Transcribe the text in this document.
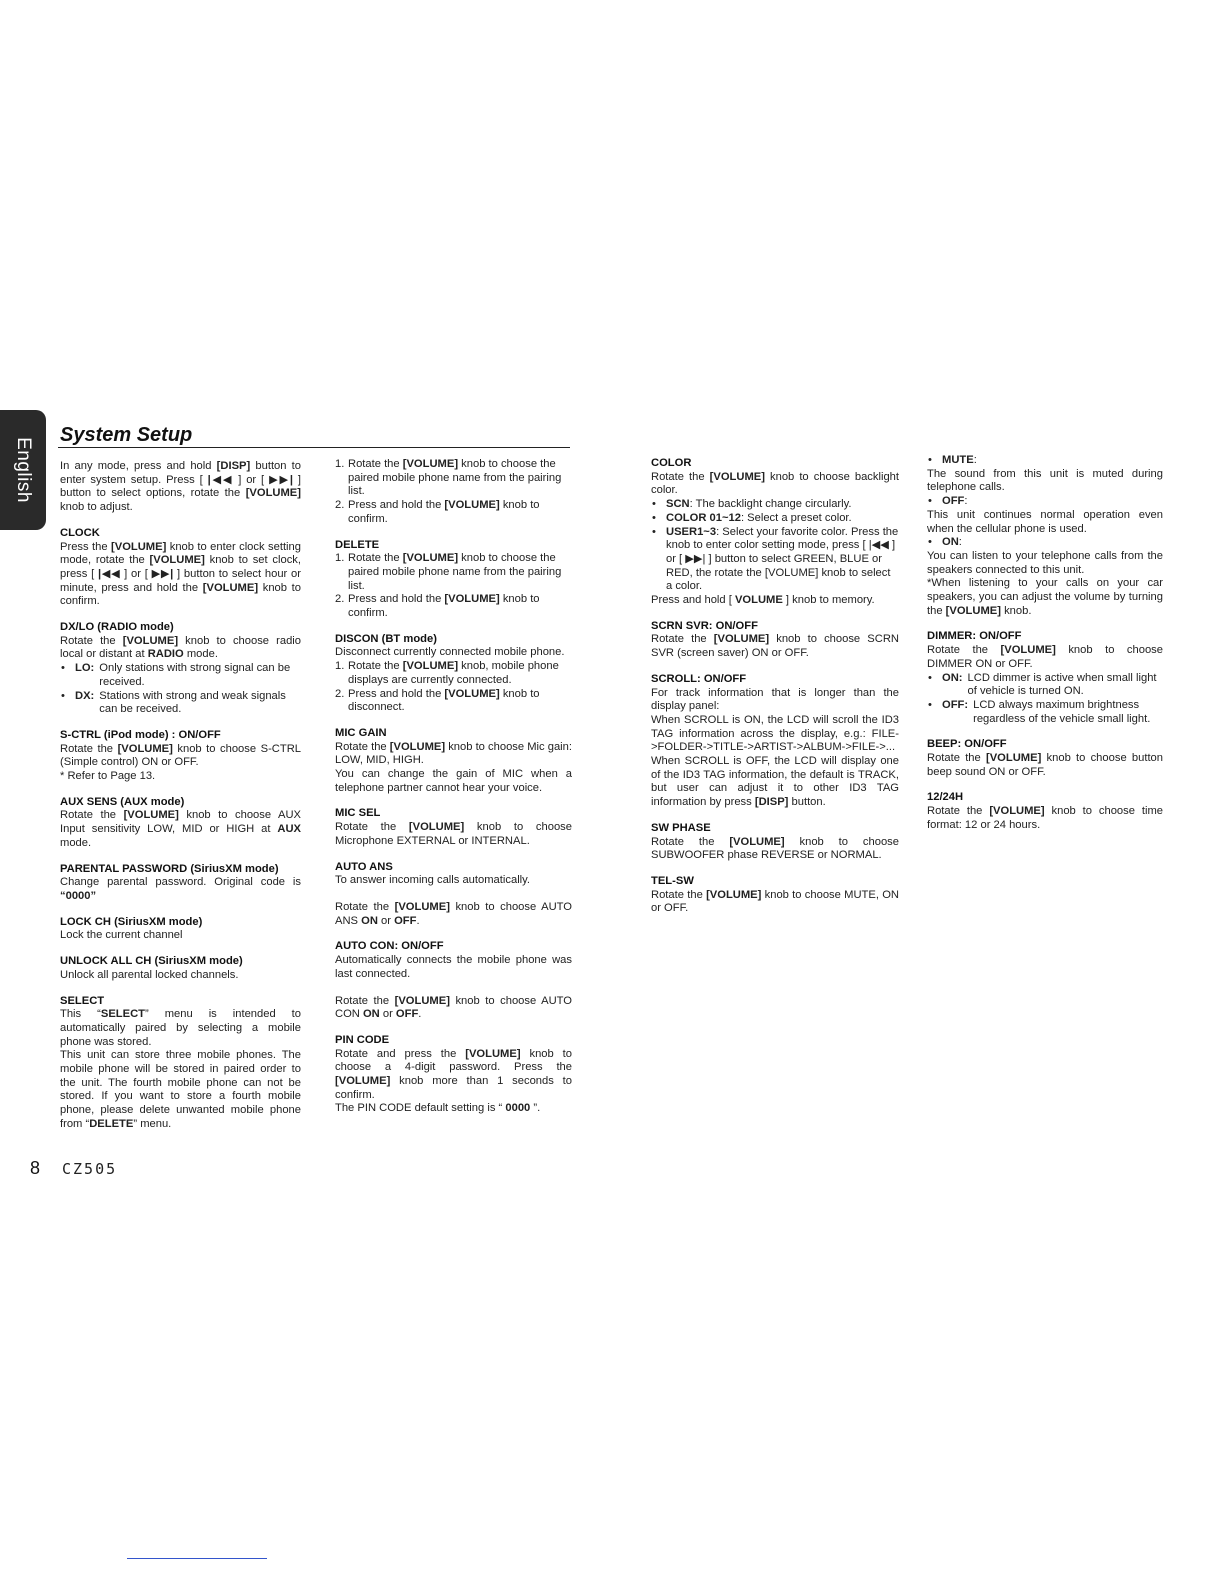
English
System Setup

In any mode, press and hold [DISP] button to enter system setup. Press [ |◀◀ ] or [ ▶▶| ] button to select options, rotate the [VOLUME] knob to adjust.

CLOCK

Press the [VOLUME] knob to enter clock setting mode, rotate the [VOLUME] knob to set clock, press [ |◀◀ ] or [ ▶▶| ] button to select hour or minute, press and hold the [VOLUME] knob to confirm.

DX/LO (RADIO mode)

Rotate the [VOLUME] knob to choose radio local or distant at RADIO mode.

• LO: Only stations with strong signal can be received.
• DX: Stations with strong and weak signals can be received.
S-CTRL (iPod mode) : ON/OFF

Rotate the [VOLUME] knob to choose S-CTRL (Simple control) ON or OFF.

* Refer to Page 13.

AUX SENS (AUX mode)

Rotate the [VOLUME] knob to choose AUX Input sensitivity LOW, MID or HIGH at AUX mode.

PARENTAL PASSWORD (SiriusXM mode)

Change parental password. Original code is “0000”

LOCK CH (SiriusXM mode)

Lock the current channel

UNLOCK ALL CH (SiriusXM mode)

Unlock all parental locked channels.

SELECT

This “SELECT” menu is intended to automatically paired by selecting a mobile phone was stored.

This unit can store three mobile phones. The mobile phone will be stored in paired order to the unit. The fourth mobile phone can not be stored. If you want to store a fourth mobile phone, please delete unwanted mobile phone from “DELETE” menu.

1. Rotate the [VOLUME] knob to choose the paired mobile phone name from the pairing list.
2. Press and hold the [VOLUME] knob to confirm.
DELETE
1. Rotate the [VOLUME] knob to choose the paired mobile phone name from the pairing list.
2. Press and hold the [VOLUME] knob to confirm.
DISCON (BT mode)

Disconnect currently connected mobile phone.

1. Rotate the [VOLUME] knob, mobile phone displays are currently connected.
2. Press and hold the [VOLUME] knob to disconnect.
MIC GAIN

Rotate the [VOLUME] knob to choose Mic gain: LOW, MID, HIGH.

You can change the gain of MIC when a telephone partner cannot hear your voice.

MIC SEL

Rotate the [VOLUME] knob to choose Microphone EXTERNAL or INTERNAL.

AUTO ANS

To answer incoming calls automatically.

Rotate the [VOLUME] knob to choose AUTO ANS ON or OFF.

AUTO CON: ON/OFF

Automatically connects the mobile phone was last connected.

Rotate the [VOLUME] knob to choose AUTO CON ON or OFF.

PIN CODE

Rotate and press the [VOLUME] knob to choose a 4-digit password. Press the [VOLUME] knob more than 1 seconds to confirm.

The PIN CODE default setting is “ 0000 ”.

COLOR

Rotate the [VOLUME] knob to choose backlight color.

• SCN: The backlight change circularly.
• COLOR 01~12: Select a preset color.
• USER1~3: Select your favorite color. Press the knob to enter color setting mode, press [ |◀◀ ] or [ ▶▶| ] button to select GREEN, BLUE or RED, the rotate the [VOLUME] knob to select a color.

Press and hold [ VOLUME ] knob to memory.

SCRN SVR: ON/OFF

Rotate the [VOLUME] knob to choose SCRN SVR (screen saver) ON or OFF.

SCROLL: ON/OFF

For track information that is longer than the display panel:

When SCROLL is ON, the LCD will scroll the ID3 TAG information across the display, e.g.: FILE->FOLDER->TITLE->ARTIST->ALBUM->FILE->...

When SCROLL is OFF, the LCD will display one of the ID3 TAG information, the default is TRACK, but user can adjust it to other ID3 TAG information by press [DISP] button.

SW PHASE

Rotate the [VOLUME] knob to choose SUBWOOFER phase REVERSE or NORMAL.

TEL-SW

Rotate the [VOLUME] knob to choose MUTE, ON or OFF.

• MUTE:

The sound from this unit is muted during telephone calls.

• OFF:

This unit continues normal operation even when the cellular phone is used.

• ON:

You can listen to your telephone calls from the speakers connected to this unit.

*When listening to your calls on your car speakers, you can adjust the volume by turning the [VOLUME] knob.

DIMMER: ON/OFF

Rotate the [VOLUME] knob to choose DIMMER ON or OFF.

• ON: LCD dimmer is active when small light of vehicle is turned ON.
• OFF: LCD always maximum brightness regardless of the vehicle small light.
BEEP: ON/OFF

Rotate the [VOLUME] knob to choose button beep sound ON or OFF.

12/24H

Rotate the [VOLUME] knob to choose time format: 12 or 24 hours.

8 CZ505
